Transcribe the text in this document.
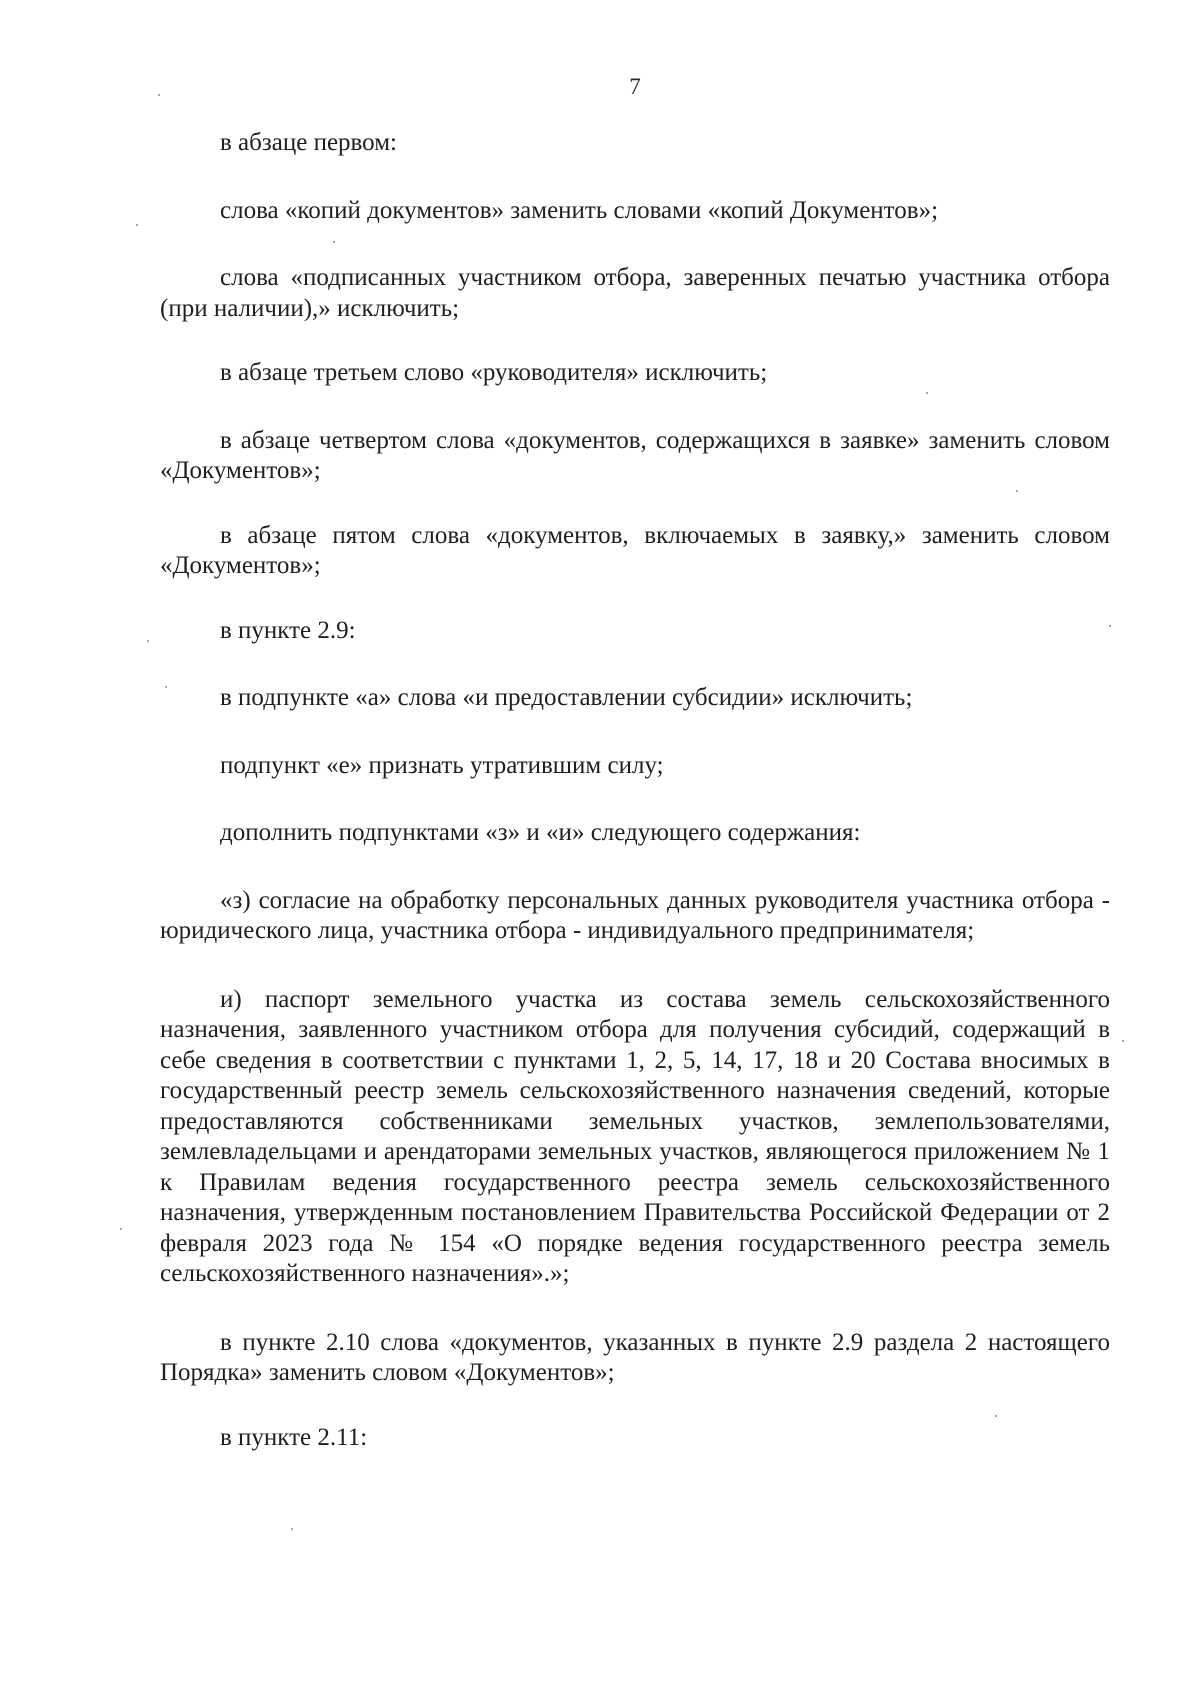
7

в абзаце первом:

слова «копий документов» заменить словами «копий Документов»;

слова «подписанных участником отбора, заверенных печатью участника отбора (при наличии),» исключить;

в абзаце третьем слово «руководителя» исключить;

в абзаце четвертом слова «документов, содержащихся в заявке» заменить словом «Документов»;

в абзаце пятом слова «документов, включаемых в заявку,» заменить словом «Документов»;

в пункте 2.9:

в подпункте «а» слова «и предоставлении субсидии» исключить;

подпункт «е» признать утратившим силу;

дополнить подпунктами «з» и «и» следующего содержания:

«з) согласие на обработку персональных данных руководителя участника отбора - юридического лица, участника отбора - индивидуального предпринимателя;

и) паспорт земельного участка из состава земель сельскохозяйственного назначения, заявленного участником отбора для получения субсидий, содержащий в себе сведения в соответствии с пунктами 1, 2, 5, 14, 17, 18 и 20 Состава вносимых в государственный реестр земель сельскохозяйственного назначения сведений, которые предоставляются собственниками земельных участков, землепользователями, землевладельцами и арендаторами земельных участков, являющегося приложением № 1 к Правилам ведения государственного реестра земель сельскохозяйственного назначения, утвержденным постановлением Правительства Российской Федерации от 2 февраля 2023 года № 154 «О порядке ведения государственного реестра земель сельскохозяйственного назначения».»;

в пункте 2.10 слова «документов, указанных в пункте 2.9 раздела 2 настоящего Порядка» заменить словом «Документов»;

в пункте 2.11:
